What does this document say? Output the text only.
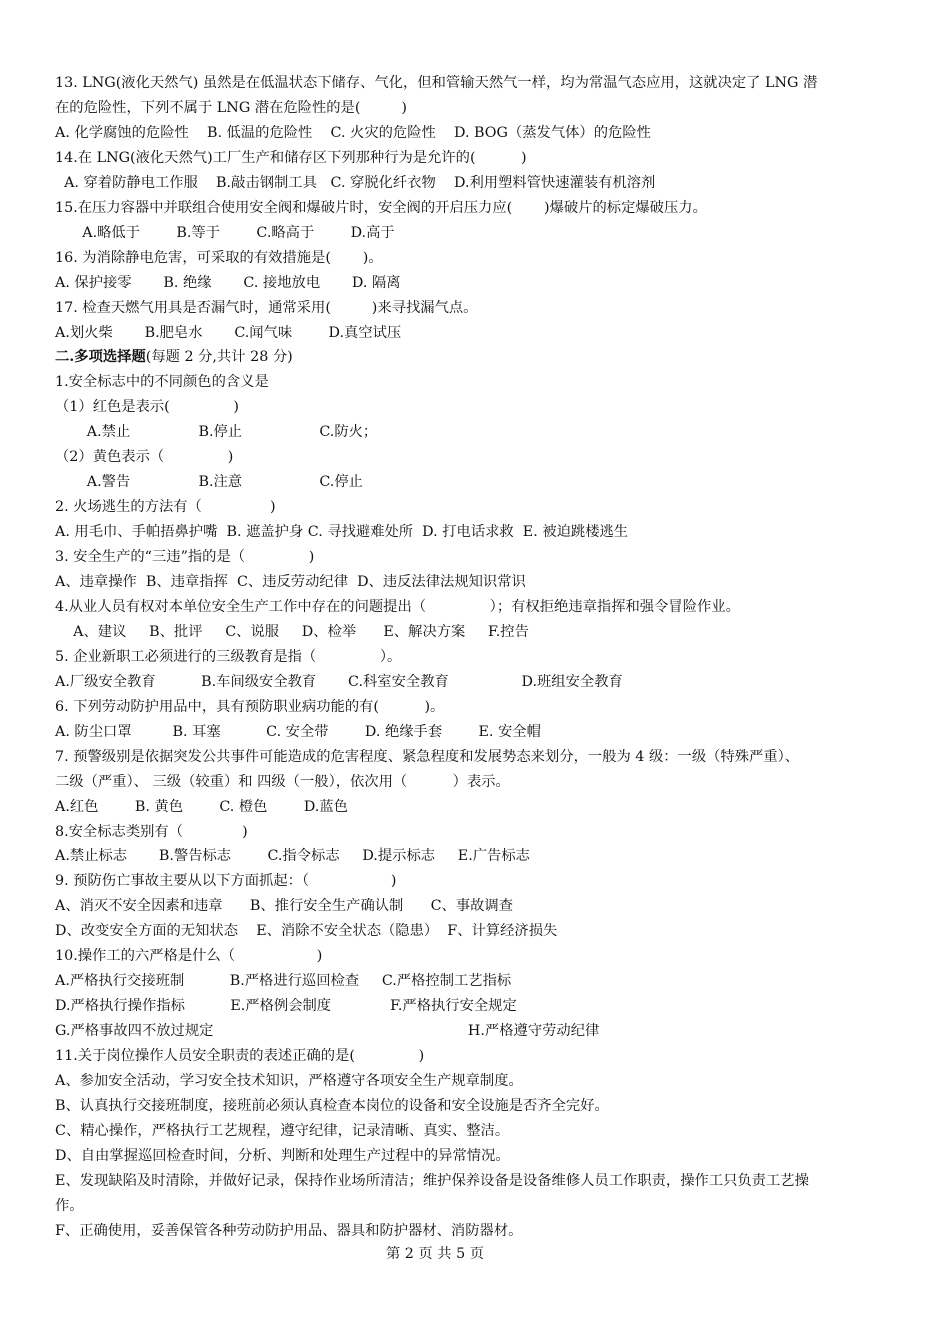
13. LNG(液化天然气) 虽然是在低温状态下储存、气化，但和管输天然气一样，均为常温气态应用，这就决定了 LNG 潜
在的危险性，下列不属于 LNG 潜在危险性的是(         )
A. 化学腐蚀的危险性    B. 低温的危险性    C. 火灾的危险性    D. BOG（蒸发气体）的危险性
14.在 LNG(液化天然气)工厂生产和储存区下列那种行为是允许的(          )
A. 穿着防静电工作服    B.敲击钢制工具   C. 穿脱化纤衣物    D.利用塑料管快速灌装有机溶剂
15.在压力容器中并联组合使用安全阀和爆破片时，安全阀的开启压力应(       )爆破片的标定爆破压力。
A.略低于        B.等于        C.略高于        D.高于
16. 为消除静电危害，可采取的有效措施是(       )。
A. 保护接零       B. 绝缘       C. 接地放电       D. 隔离
17. 检查天燃气用具是否漏气时，通常采用(         )来寻找漏气点。
A.划火柴       B.肥皂水       C.闻气味        D.真空试压
二.多项选择题(每题 2 分,共计 28 分)
1.安全标志中的不同颜色的含义是
（1）红色是表示(              )
A.禁止               B.停止                 C.防火；
（2）黄色表示（              )
A.警告               B.注意                 C.停止
2. 火场逃生的方法有（               )
A. 用毛巾、手帕捂鼻护嘴  B. 遮盖护身 C. 寻找避难处所  D. 打电话求救  E. 被迫跳楼逃生
3. 安全生产的“三违”指的是（              )
A、违章操作  B、违章指挥  C、违反劳动纪律  D、违反法律法规知识常识
4.从业人员有权对本单位安全生产工作中存在的问题提出（              ）；有权拒绝违章指挥和强令冒险作业。
A、建议     B、批评     C、说服     D、检举      E、解决方案     F.控告
5. 企业新职工必须进行的三级教育是指（              ）。
A.厂级安全教育          B.车间级安全教育       C.科室安全教育                D.班组安全教育
6. 下列劳动防护用品中，具有预防职业病功能的有(          )。
A. 防尘口罩         B. 耳塞          C. 安全带        D. 绝缘手套        E. 安全帽
7. 预警级别是依据突发公共事件可能造成的危害程度、紧急程度和发展势态来划分，一般为 4 级：一级（特殊严重）、
二级（严重）、 三级（较重）和 四级（一般），依次用（          ）表示。
A.红色        B. 黄色        C. 橙色        D.蓝色
8.安全标志类别有（             )
A.禁止标志       B.警告标志        C.指令标志     D.提示标志     E.广告标志
9. 预防伤亡事故主要从以下方面抓起：（                  )
A、消灭不安全因素和违章      B、推行安全生产确认制      C、事故调查
D、改变安全方面的无知状态    E、消除不安全状态（隐患）  F、计算经济损失
10.操作工的六严格是什么（                  )
A.严格执行交接班制          B.严格进行巡回检查     C.严格控制工艺指标
D.严格执行操作指标          E.严格例会制度             F.严格执行安全规定
G.严格事故四不放过规定                                                        H.严格遵守劳动纪律
11.关于岗位操作人员安全职责的表述正确的是(              )
A、参加安全活动，学习安全技术知识，严格遵守各项安全生产规章制度。
B、认真执行交接班制度，接班前必须认真检查本岗位的设备和安全设施是否齐全完好。
C、精心操作，严格执行工艺规程，遵守纪律，记录清晰、真实、整洁。
D、自由掌握巡回检查时间，分析、判断和处理生产过程中的异常情况。
E、发现缺陷及时清除，并做好记录，保持作业场所清洁；维护保养设备是设备维修人员工作职责，操作工只负责工艺操
作。
F、正确使用，妥善保管各种劳动防护用品、器具和防护器材、消防器材。
第 2 页 共 5 页
